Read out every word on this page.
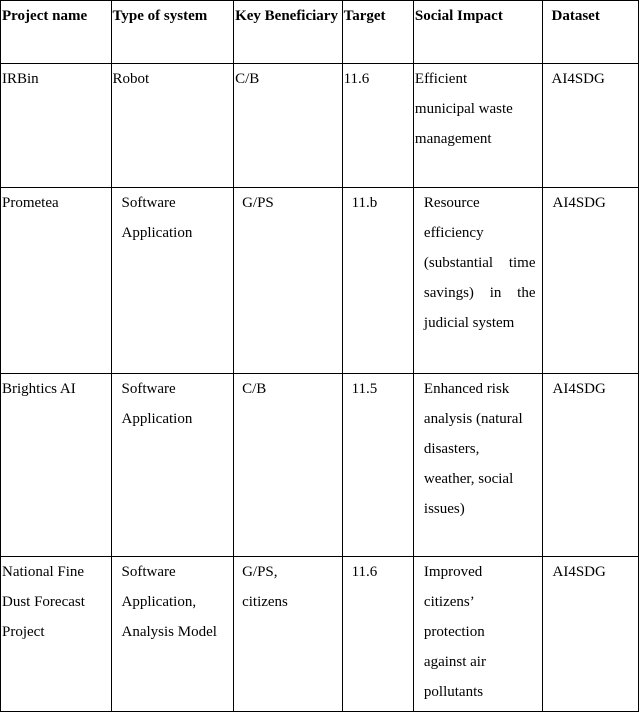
Project name	Type of system	Key Beneficiary	Target	Social Impact	Dataset
IRBin	Robot	C/B	11.6	Efficient municipal waste management	AI4SDG
Prometea	Software Application	G/PS	11.b	Resource efficiency (substantial time savings) in the judicial system	AI4SDG
Brightics AI	Software Application	C/B	11.5	Enhanced risk analysis (natural disasters, weather, social issues)	AI4SDG
National Fine Dust Forecast Project	Software Application, Analysis Model	G/PS, citizens	11.6	Improved citizens’ protection against air pollutants	AI4SDG
